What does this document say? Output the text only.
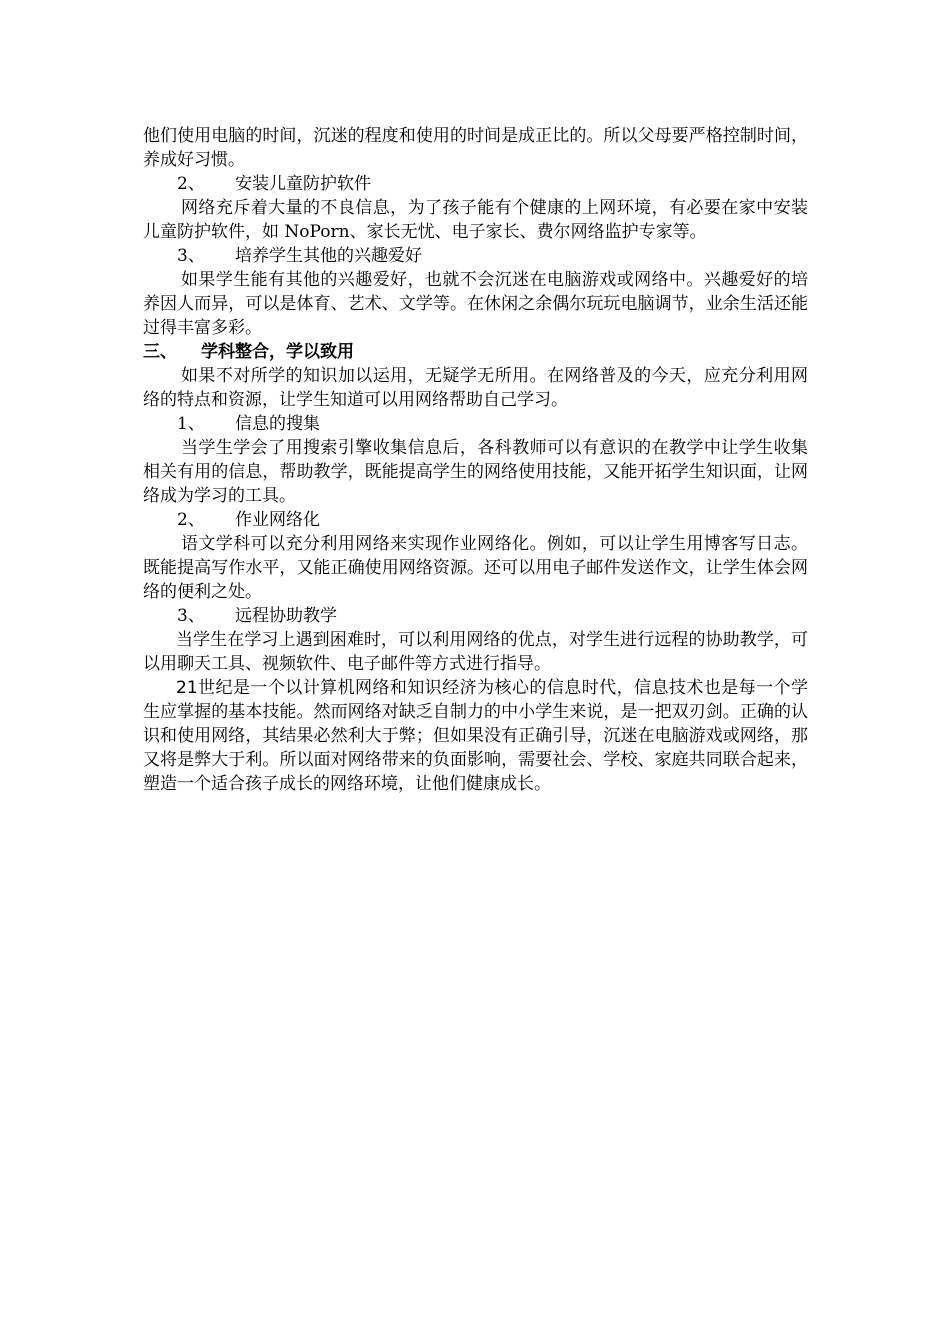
他们使用电脑的时间，沉迷的程度和使用的时间是成正比的。所以父母要严格控制时间，养成好习惯。

2、	安装儿童防护软件

网络充斥着大量的不良信息，为了孩子能有个健康的上网环境，有必要在家中安装儿童防护软件，如 NoPorn、家长无忧、电子家长、费尔网络监护专家等。

3、	培养学生其他的兴趣爱好

如果学生能有其他的兴趣爱好，也就不会沉迷在电脑游戏或网络中。兴趣爱好的培养因人而异，可以是体育、艺术、文学等。在休闲之余偶尔玩玩电脑调节，业余生活还能过得丰富多彩。

三、	学科整合，学以致用

如果不对所学的知识加以运用，无疑学无所用。在网络普及的今天，应充分利用网络的特点和资源，让学生知道可以用网络帮助自己学习。

1、	信息的搜集

当学生学会了用搜索引擎收集信息后，各科教师可以有意识的在教学中让学生收集相关有用的信息，帮助教学，既能提高学生的网络使用技能，又能开拓学生知识面，让网络成为学习的工具。

2、	作业网络化

语文学科可以充分利用网络来实现作业网络化。例如，可以让学生用博客写日志。既能提高写作水平，又能正确使用网络资源。还可以用电子邮件发送作文，让学生体会网络的便利之处。

3、	远程协助教学

当学生在学习上遇到困难时，可以利用网络的优点，对学生进行远程的协助教学，可以用聊天工具、视频软件、电子邮件等方式进行指导。

21世纪是一个以计算机网络和知识经济为核心的信息时代，信息技术也是每一个学生应掌握的基本技能。然而网络对缺乏自制力的中小学生来说，是一把双刃剑。正确的认识和使用网络，其结果必然利大于弊；但如果没有正确引导，沉迷在电脑游戏或网络，那又将是弊大于利。所以面对网络带来的负面影响，需要社会、学校、家庭共同联合起来，塑造一个适合孩子成长的网络环境，让他们健康成长。
